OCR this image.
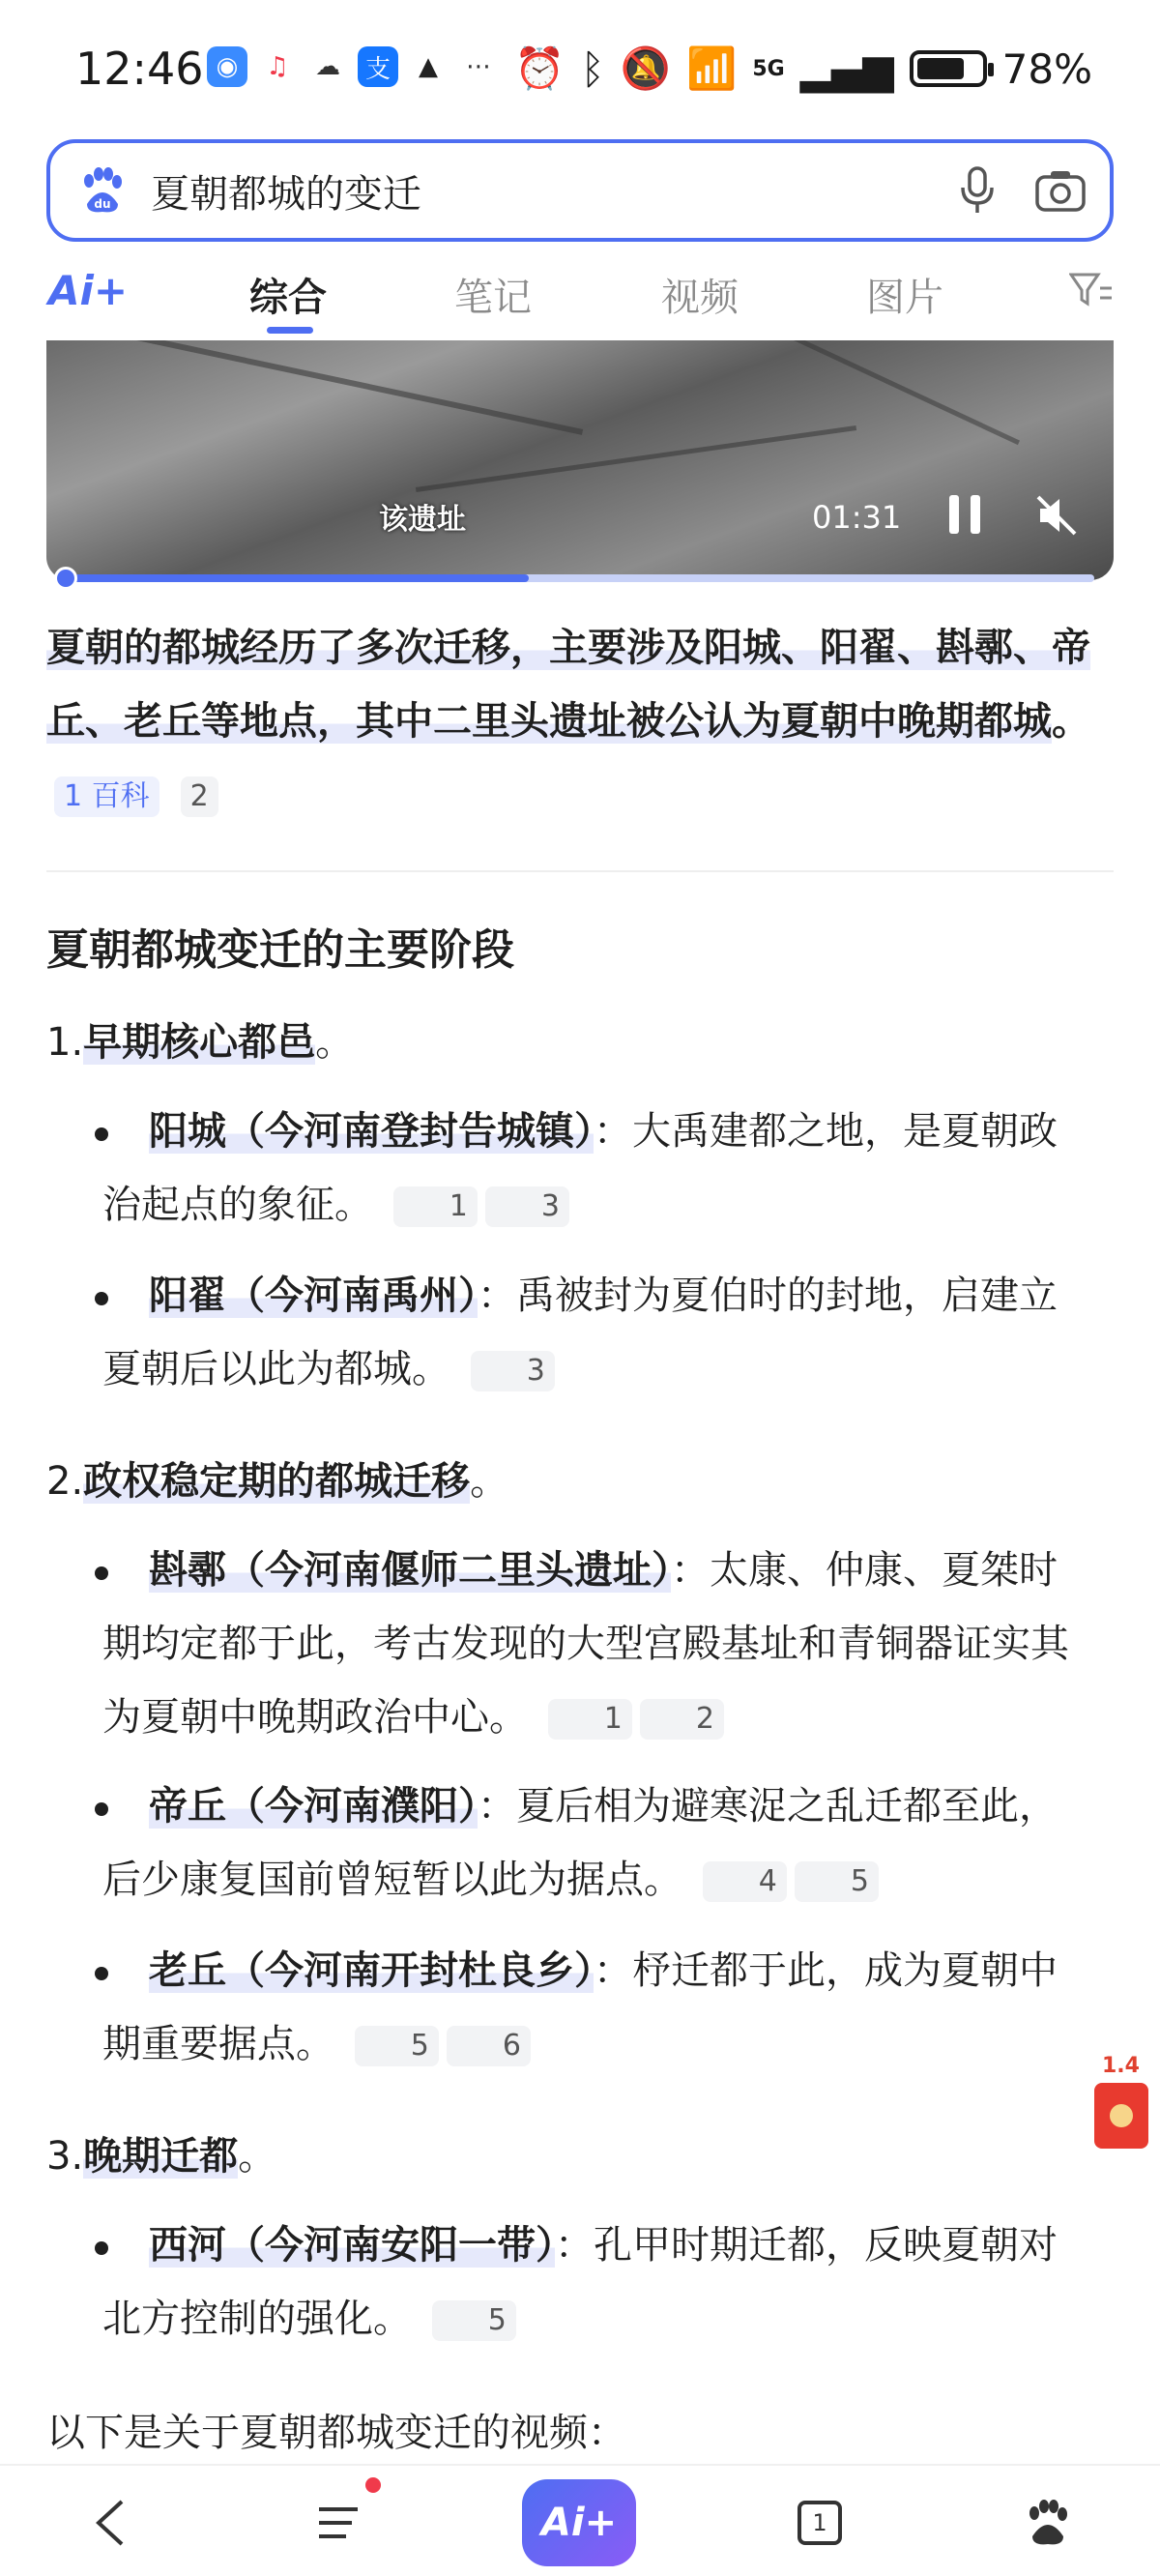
12:46 ◉	♫	☁ 支	▲	⋯ ⏰ ᛒ 🔕 📶 5G ▂▄▆	78%
du 夏朝都城的变迁
Ai+	综合	笔记	视频	图片
该遗址	01:31
夏朝的都城经历了多次迁移，主要涉及阳城、阳翟、斟鄩、帝丘、老丘等地点，其中二里头遗址被公认为夏朝中晚期都城。 1 百科 2
夏朝都城变迁的主要阶段
1.早期核心都邑。
阳城（今河南登封告城镇）：大禹建都之地，是夏朝政治起点的象征。	1	3
阳翟（今河南禹州）：禹被封为夏伯时的封地，启建立夏朝后以此为都城。	3
2.政权稳定期的都城迁移。
斟鄩（今河南偃师二里头遗址）：太康、仲康、夏桀时期均定都于此，考古发现的大型宫殿基址和青铜器证实其为夏朝中晚期政治中心。	1	2
帝丘（今河南濮阳）：夏后相为避寒浞之乱迁都至此，后少康复国前曾短暂以此为据点。	4	5
老丘（今河南开封杜良乡）：杼迁都于此，成为夏朝中期重要据点。	5	6
3.晚期迁都。
西河（今河南安阳一带）：孔甲时期迁都，反映夏朝对北方控制的强化。	5
以下是关于夏朝都城变迁的视频：
1.4
Ai+	1
